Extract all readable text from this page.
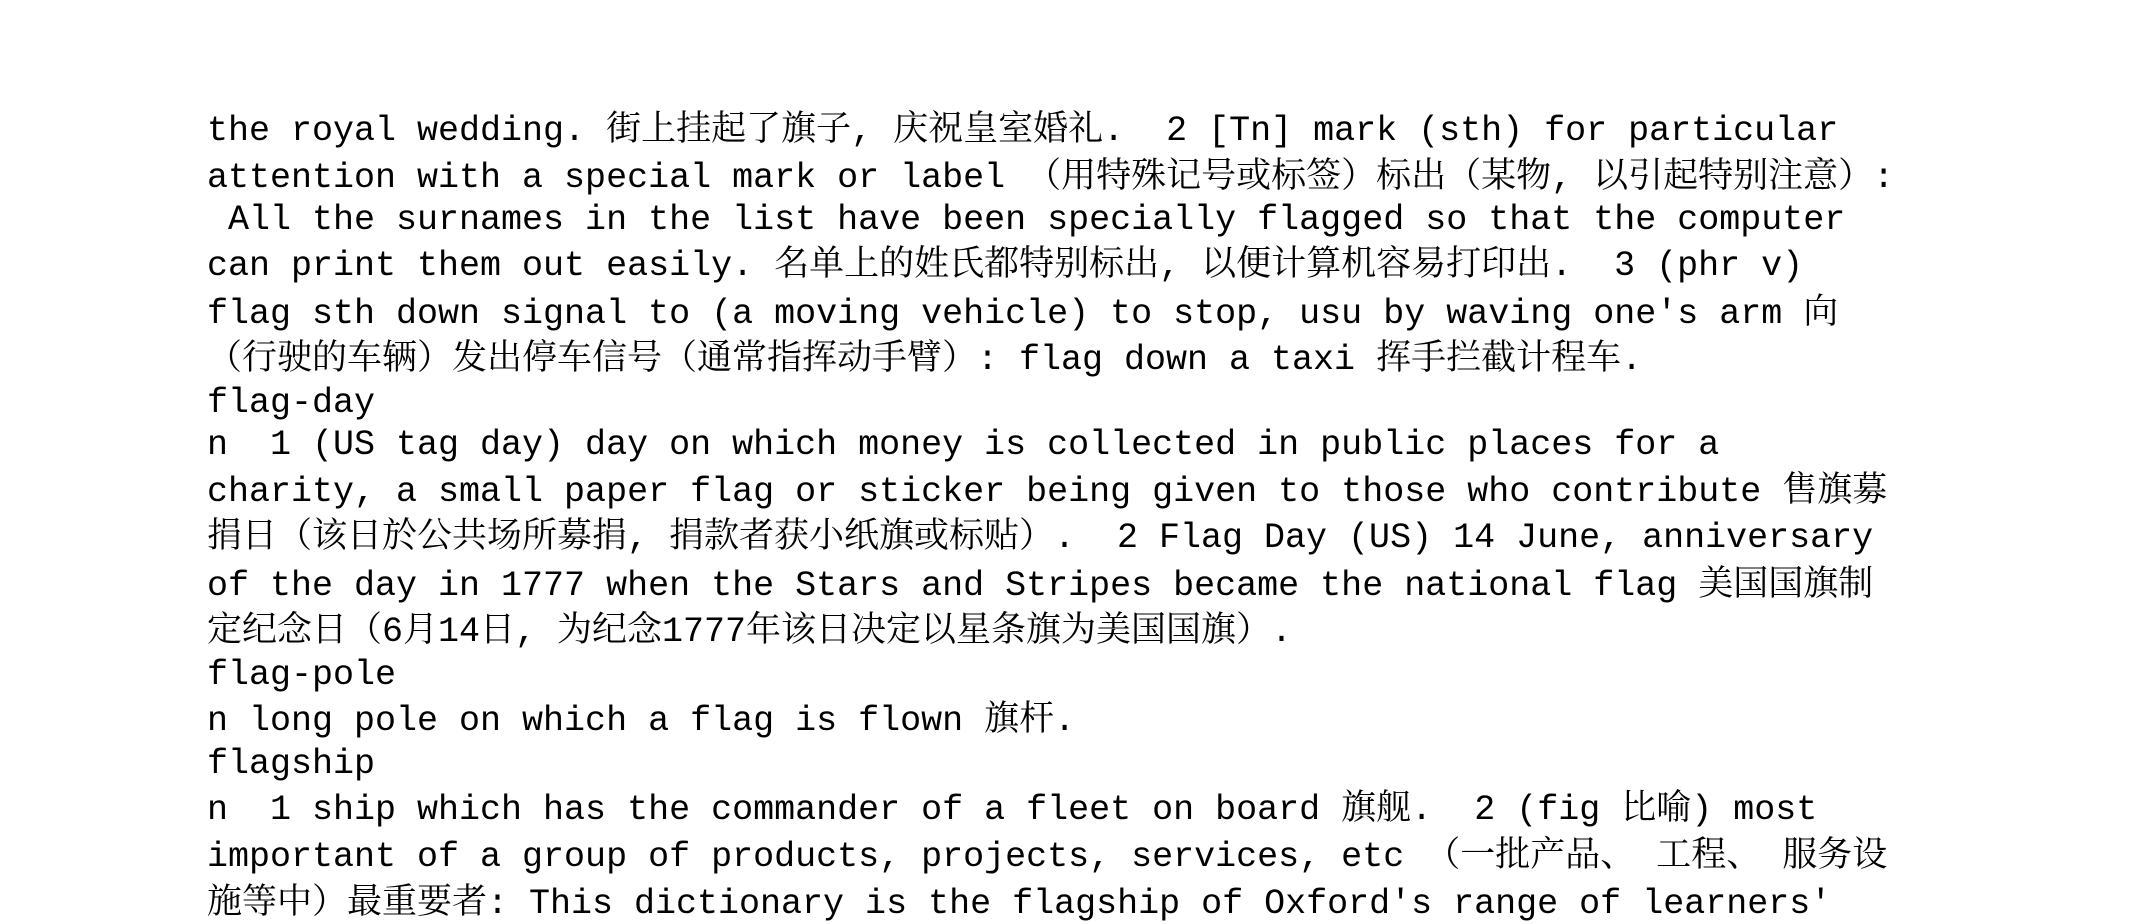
the royal wedding. 街上挂起了旗子, 庆祝皇室婚礼.  2 [Tn] mark (sth) for particular

attention with a special mark or label （用特殊记号或标签）标出（某物, 以引起特别注意）:

All the surnames in the list have been specially flagged so that the computer

can print them out easily. 名单上的姓氏都特别标出, 以便计算机容易打印出.  3 (phr v)

flag sth down signal to (a moving vehicle) to stop, usu by waving one's arm 向

（行驶的车辆）发出停车信号（通常指挥动手臂）: flag down a taxi 挥手拦截计程车.

flag-day

n  1 (US tag day) day on which money is collected in public places for a

charity, a small paper flag or sticker being given to those who contribute 售旗募

捐日（该日於公共场所募捐, 捐款者获小纸旗或标贴）.  2 Flag Day (US) 14 June, anniversary

of the day in 1777 when the Stars and Stripes became the national flag 美国国旗制

定纪念日（6月14日, 为纪念1777年该日决定以星条旗为美国国旗）.

flag-pole

n long pole on which a flag is flown 旗杆.

flagship

n  1 ship which has the commander of a fleet on board 旗舰.  2 (fig 比喻) most

important of a group of products, projects, services, etc （一批产品、 工程、 服务设

施等中）最重要者: This dictionary is the flagship of Oxford's range of learners'
